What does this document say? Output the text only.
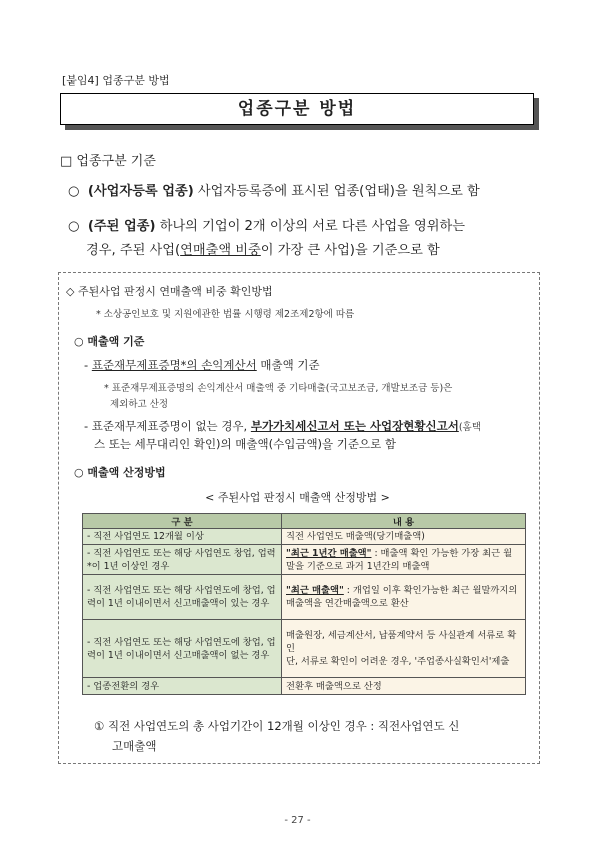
[붙임4] 업종구분 방법
업종구분 방법
□ 업종구분 기준
○ (사업자등록 업종) 사업자등록증에 표시된 업종(업태)을 원칙으로 함
○ (주된 업종) 하나의 기업이 2개 이상의 서로 다른 사업을 영위하는
경우, 주된 사업(연매출액 비중이 가장 큰 사업)을 기준으로 함
◇ 주된사업 판정시 연매출액 비중 확인방법
* 소상공인보호 및 지원에관한 법률 시행령 제2조제2항에 따름
○ 매출액 기준
- 표준재무제표증명*의 손익계산서 매출액 기준
* 표준재무제표증명의 손익계산서 매출액 중 기타매출(국고보조금, 개발보조금 등)은
제외하고 산정
- 표준재무제표증명이 없는 경우, 부가가치세신고서 또는 사업장현황신고서(홈택
스 또는 세무대리인 확인)의 매출액(수입금액)을 기준으로 함
○ 매출액 산정방법
< 주된사업 판정시 매출액 산정방법 >
구 분	내 용
- 직전 사업연도 12개월 이상	직전 사업연도 매출액(당기매출액)
- 직전 사업연도 또는 해당 사업연도 창업, 업력*이 1년 이상인 경우	"최근 1년간 매출액" : 매출액 확인 가능한 가장 최근 월말을 기준으로 과거 1년간의 매출액
- 직전 사업연도 또는 해당 사업연도에 창업, 업력이 1년 이내이면서 신고매출액이 있는 경우	"최근 매출액" : 개업일 이후 확인가능한 최근 월말까지의 매출액을 연간매출액으로 환산
- 직전 사업연도 또는 해당 사업연도에 창업, 업력이 1년 이내이면서 신고매출액이 없는 경우	매출원장, 세금계산서, 납품계약서 등 사실관계 서류로 확인
단, 서류로 확인이 어려운 경우, '주업종사실확인서'제출

- 업종전환의 경우	전환후 매출액으로 산정
① 직전 사업연도의 총 사업기간이 12개월 이상인 경우 : 직전사업연도 신
고매출액
- 27 -
